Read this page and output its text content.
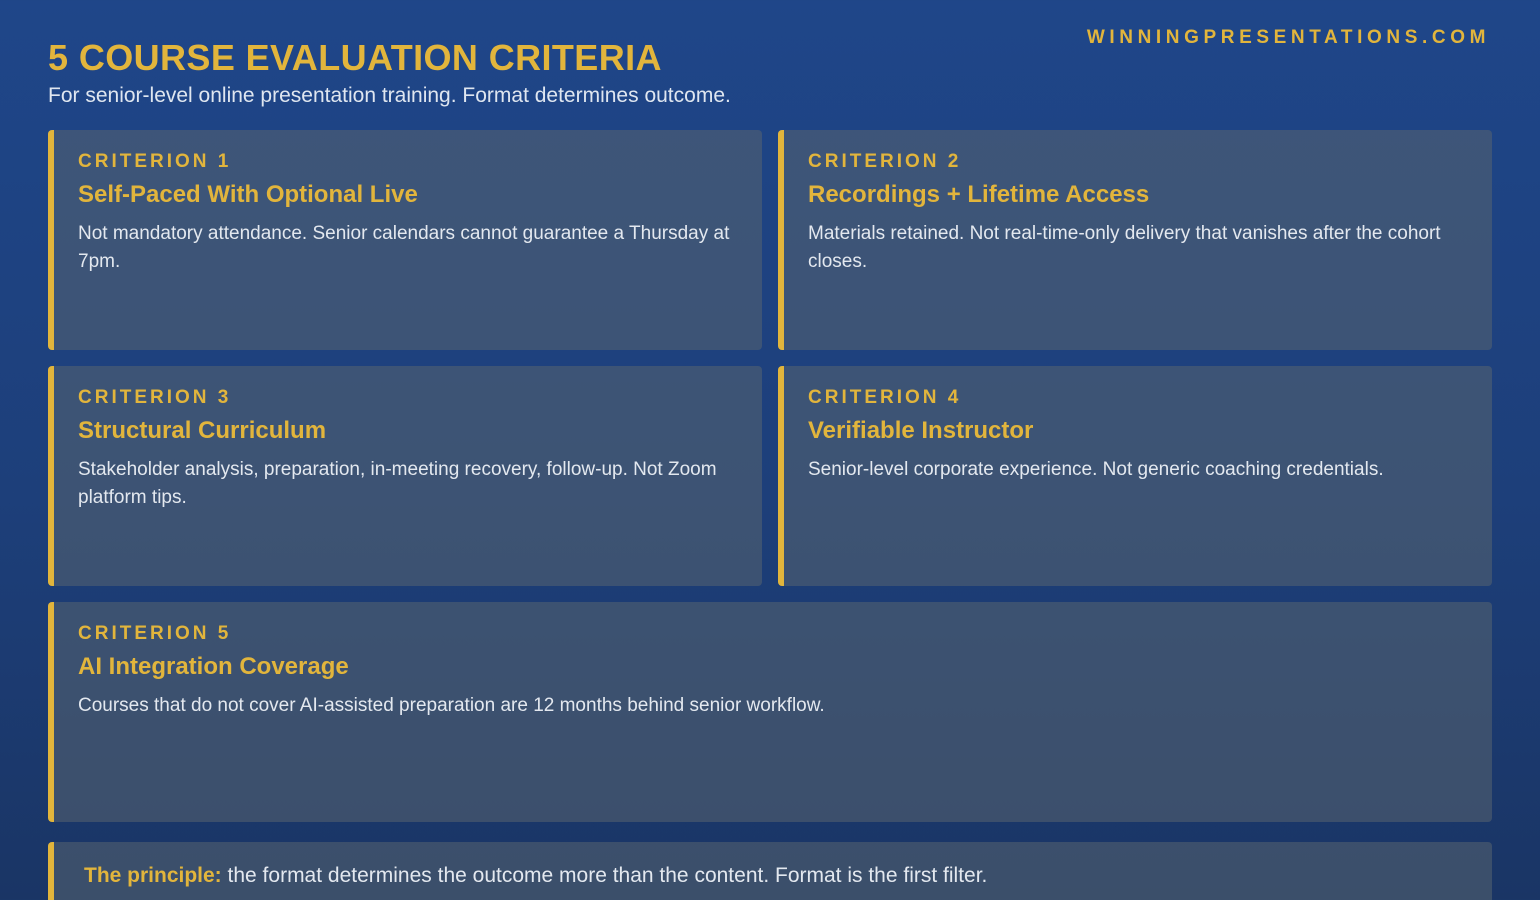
WINNINGPRESENTATIONS.COM
5 COURSE EVALUATION CRITERIA

For senior-level online presentation training. Format determines outcome.

CRITERION 1
Self-Paced With Optional Live
Not mandatory attendance. Senior calendars cannot guarantee a Thursday at 7pm.
CRITERION 2
Recordings + Lifetime Access
Materials retained. Not real-time-only delivery that vanishes after the cohort closes.
CRITERION 3
Structural Curriculum
Stakeholder analysis, preparation, in-meeting recovery, follow-up. Not Zoom platform tips.
CRITERION 4
Verifiable Instructor
Senior-level corporate experience. Not generic coaching credentials.
CRITERION 5
AI Integration Coverage
Courses that do not cover AI-assisted preparation are 12 months behind senior workflow.
The principle: the format determines the outcome more than the content. Format is the first filter.
